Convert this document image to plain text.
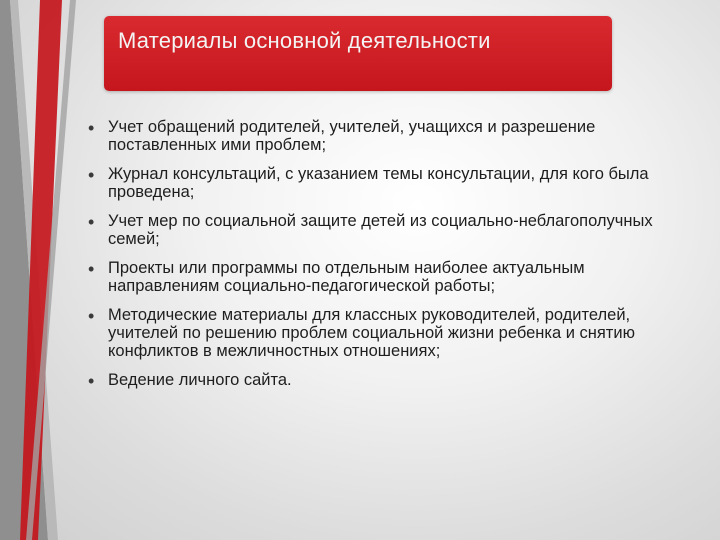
Материалы основной деятельности
• Учет обращений родителей, учителей, учащихся и разрешение поставленных ими проблем;
• Журнал консультаций, с указанием темы консультации, для кого была проведена;
• Учет мер по социальной защите детей из социально-неблагополучных семей;
• Проекты или программы по отдельным наиболее актуальным направлениям социально-педагогической работы;
• Методические материалы для классных руководителей, родителей, учителей по решению проблем социальной жизни ребенка и снятию конфликтов в межличностных отношениях;
• Ведение личного сайта.
